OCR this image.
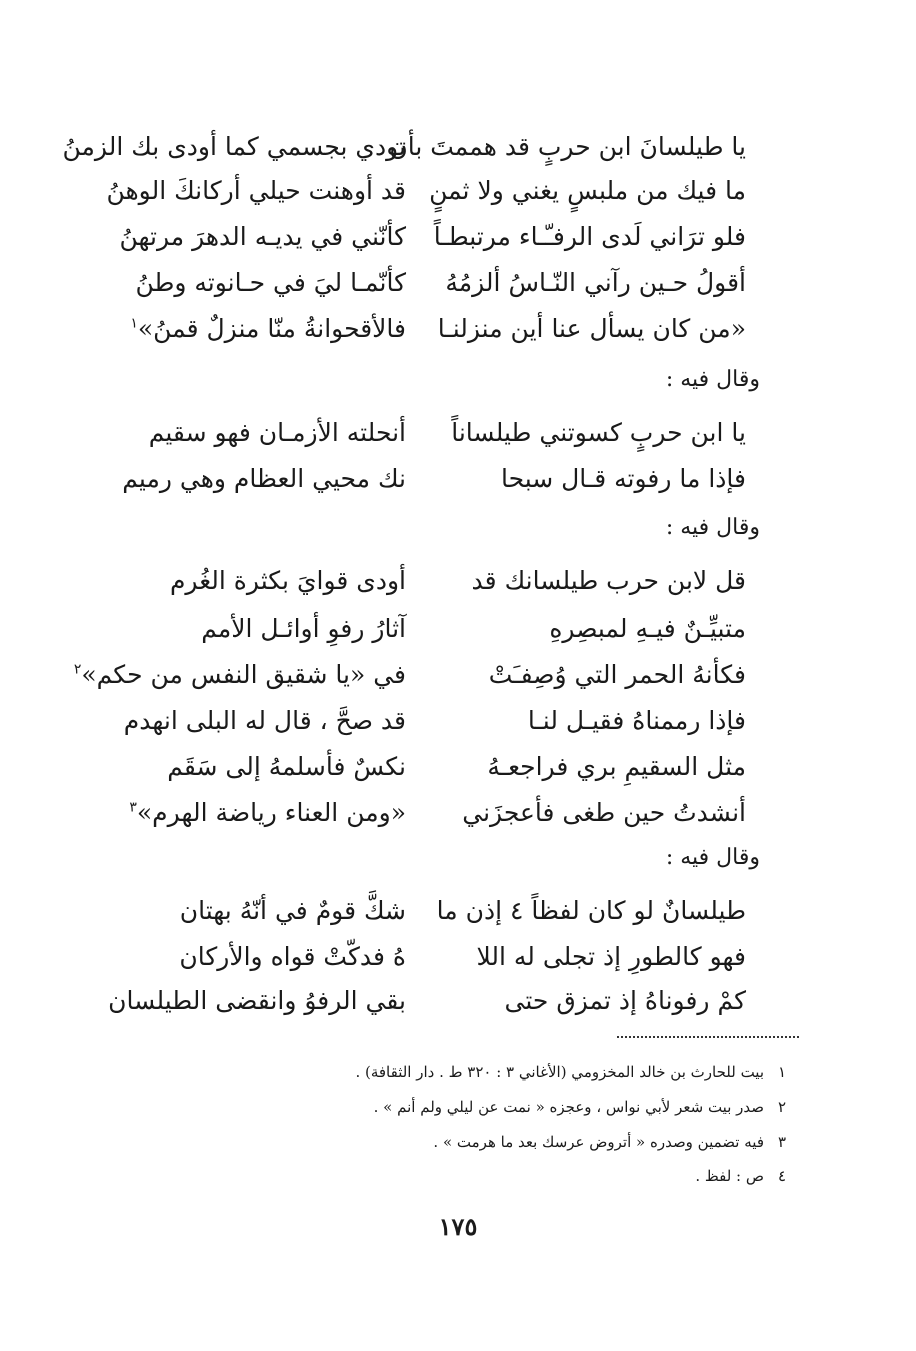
يا طيلسانَ ابن حربٍ قد هممتَ بأن
تودي بجسمي كما أودى بك الزمنُ
ما فيك من ملبسٍ يغني ولا ثمنٍ
قد أوهنت حيلي أركانكَ الوهنُ
فلو ترَاني لَدى الرفـّـاء مرتبطـاً
كأنّني في يديـه الدهرَ مرتهنُ
أقولُ حـين رآني النّـاسُ ألزمُهُ
كأنّمـا ليَ في حـانوته وطنُ
«من كان يسأل عنا أين منزلنـا
فالأقحوانةُ منّا منزلٌ قمنُ»$^١$
وقال فيه :
يا ابن حربٍ كسوتني طيلساناً
أنحلته الأزمـان فهو سقيم
فإذا ما رفوته قـال سبحا
نك محيي العظام وهي رميم
وقال فيه :
قل لابن حرب طيلسانك قد
أودى قوايَ بكثرة الغُرم
متبيِّـنٌ فيـهِ لمبصِرهِ
آثارُ رفوِ أوائـل الأمم
فكأنهُ الحمر التي وُصِفـَتْ
في «يا شقيق النفس من حكم»$^٢$
فإذا رممناهُ فقيـل لنـا
قد صحَّ ، قال له البلى انهدم
مثل السقيمِ بري فراجعـهُ
نكسٌ فأسلمهُ إلى سَقَم
أنشدتُ حين طغى فأعجزَني
«ومن العناء رياضة الهرم»$^٣$
وقال فيه :
طيلسانٌ لو كان لفظاً ٤ إذن ما
شكَّ قومٌ في أنّهُ بهتان
فهو كالطورِ إذ تجلى له اللا
هُ فدكّتْ قواه والأركان
كمْ رفوناهُ إذ تمزق حتى
بقي الرفوُ وانقضى الطيلسان
١بيت للحارث بن خالد المخزومي (الأغاني ٣ : ٣٢٠ ط . دار الثقافة) .
٢صدر بيت شعر لأبي نواس ، وعجزه « نمت عن ليلي ولم أنم » .
٣فيه تضمين وصدره « أتروض عرسك بعد ما هرمت » .
٤ص : لفظ .
١٧٥
